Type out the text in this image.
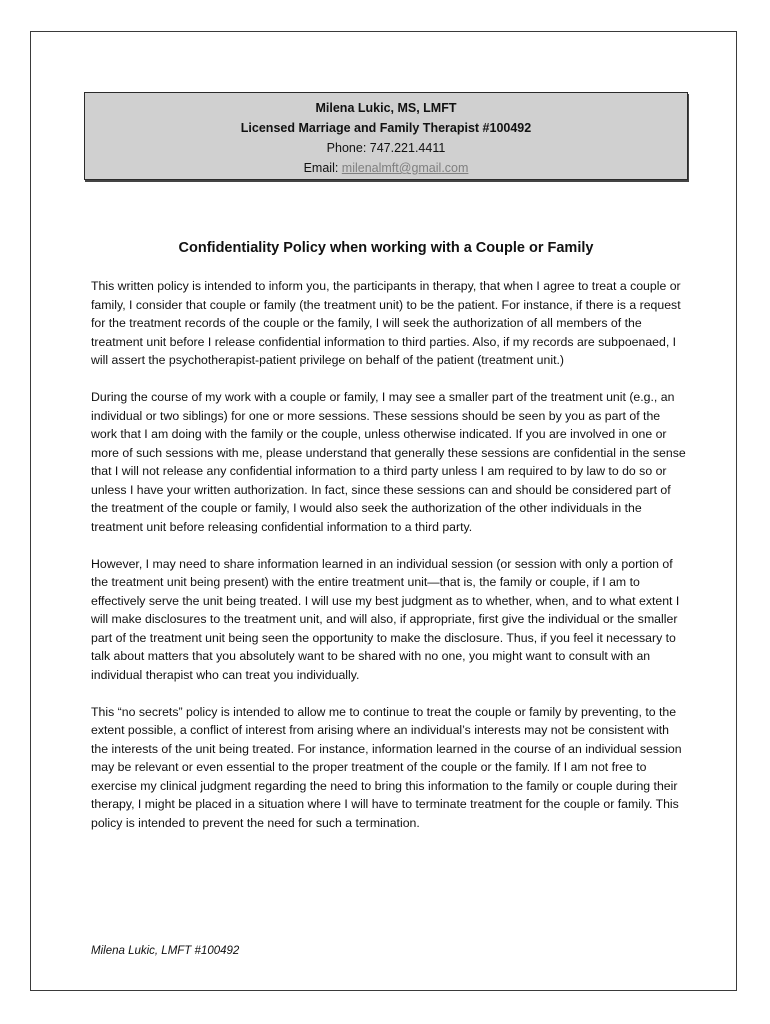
Milena Lukic, MS, LMFT
Licensed Marriage and Family Therapist #100492
Phone: 747.221.4411
Email: milenalmft@gmail.com
Confidentiality Policy when working with a Couple or Family

This written policy is intended to inform you, the participants in therapy, that when I agree to treat a couple or family, I consider that couple or family (the treatment unit) to be the patient. For instance, if there is a request for the treatment records of the couple or the family, I will seek the authorization of all members of the treatment unit before I release confidential information to third parties. Also, if my records are subpoenaed, I will assert the psychotherapist-patient privilege on behalf of the patient (treatment unit.)

During the course of my work with a couple or family, I may see a smaller part of the treatment unit (e.g., an individual or two siblings) for one or more sessions. These sessions should be seen by you as part of the work that I am doing with the family or the couple, unless otherwise indicated. If you are involved in one or more of such sessions with me, please understand that generally these sessions are confidential in the sense that I will not release any confidential information to a third party unless I am required to by law to do so or unless I have your written authorization. In fact, since these sessions can and should be considered part of the treatment of the couple or family, I would also seek the authorization of the other individuals in the treatment unit before releasing confidential information to a third party.

However, I may need to share information learned in an individual session (or session with only a portion of the treatment unit being present) with the entire treatment unit—that is, the family or couple, if I am to effectively serve the unit being treated. I will use my best judgment as to whether, when, and to what extent I will make disclosures to the treatment unit, and will also, if appropriate, first give the individual or the smaller part of the treatment unit being seen the opportunity to make the disclosure. Thus, if you feel it necessary to talk about matters that you absolutely want to be shared with no one, you might want to consult with an individual therapist who can treat you individually.

This “no secrets” policy is intended to allow me to continue to treat the couple or family by preventing, to the extent possible, a conflict of interest from arising where an individual’s interests may not be consistent with the interests of the unit being treated. For instance, information learned in the course of an individual session may be relevant or even essential to the proper treatment of the couple or the family. If I am not free to exercise my clinical judgment regarding the need to bring this information to the family or couple during their therapy, I might be placed in a situation where I will have to terminate treatment for the couple or family. This policy is intended to prevent the need for such a termination.

Milena Lukic, LMFT #100492
